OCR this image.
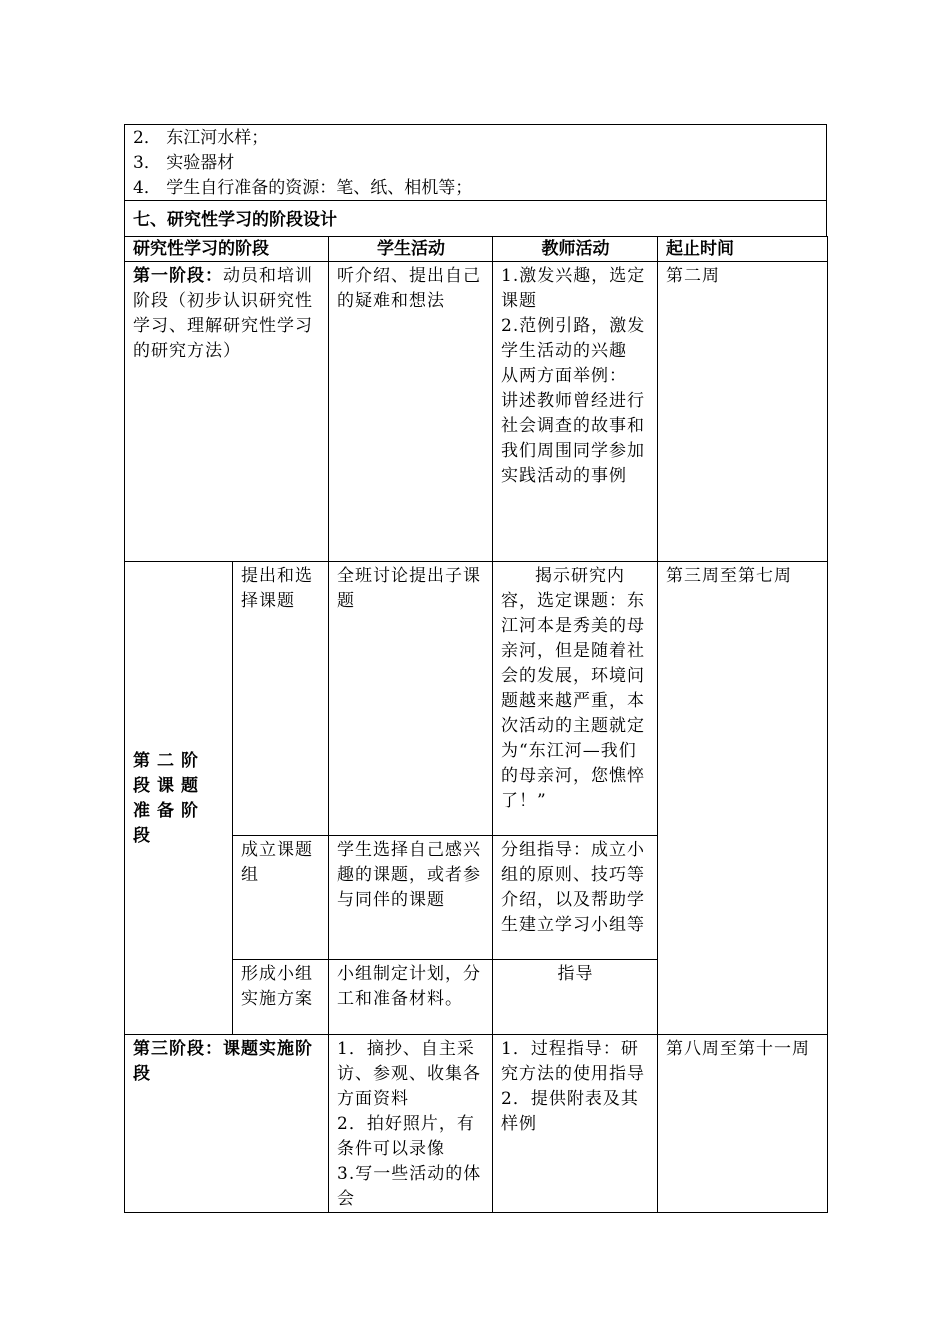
2． 东江河水样；
3． 实验器材
4． 学生自行准备的资源：笔、纸、相机等；
七、研究性学习的阶段设计
研究性学习的阶段		学生活动	教师活动	起止时间
第一阶段：动员和培训阶段（初步认识研究性学习、理解研究性学习的研究方法）		听介绍、提出自己的疑难和想法	1.激发兴趣，选定课题
2.范例引路，激发学生活动的兴趣
从两方面举例：
讲述教师曾经进行社会调查的故事和我们周围同学参加实践活动的事例	第二周
第二阶段课题准备阶段	提出和选择课题	全班讨论提出子课题	揭示研究内容，选定课题：东江河本是秀美的母亲河，但是随着社会的发展，环境问题越来越严重，本次活动的主题就定为“东江河—我们的母亲河，您憔悴了！”	第三周至第七周
	成立课题组	学生选择自己感兴趣的课题，或者参与同伴的课题	分组指导：成立小组的原则、技巧等介绍，以及帮助学生建立学习小组等	
	形成小组实施方案	小组制定计划，分工和准备材料。	指导	
第三阶段：课题实施阶段		1．摘抄、自主采访、参观、收集各方面资料
2．拍好照片，有条件可以录像
3.写一些活动的体会	1．过程指导：研究方法的使用指导
2．提供附表及其样例	第八周至第十一周
